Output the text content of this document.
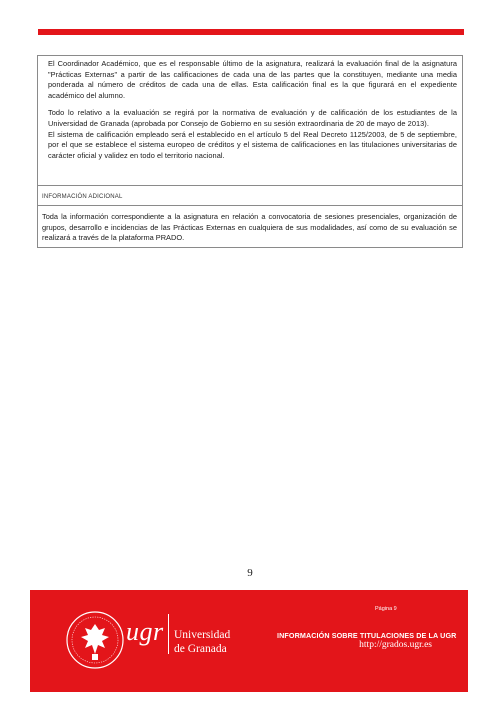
El Coordinador Académico, que es el responsable último de la asignatura, realizará la evaluación final de la asignatura "Prácticas Externas" a partir de las calificaciones de cada una de las partes que la constituyen, mediante una media ponderada al número de créditos de cada una de ellas. Esta calificación final es la que figurará en el expediente académico del alumno.

Todo lo relativo a la evaluación se regirá por la normativa de evaluación y de calificación de los estudiantes de la Universidad de Granada (aprobada por Consejo de Gobierno en su sesión extraordinaria de 20 de mayo de 2013).

El sistema de calificación empleado será el establecido en el artículo 5 del Real Decreto 1125/2003, de 5 de septiembre, por el que se establece el sistema europeo de créditos y el sistema de calificaciones en las titulaciones universitarias de carácter oficial y validez en todo el territorio nacional.

INFORMACIÓN ADICIONAL

Toda la información correspondiente a la asignatura en relación a convocatoria de sesiones presenciales, organización de grupos, desarrollo e incidencias de las Prácticas Externas en cualquiera de sus modalidades, así como de su evaluación se realizará a través de la plataforma PRADO.

9
ugr Universidad
de Granada
Página 9
INFORMACIÓN SOBRE TITULACIONES DE LA UGR
http://grados.ugr.es
